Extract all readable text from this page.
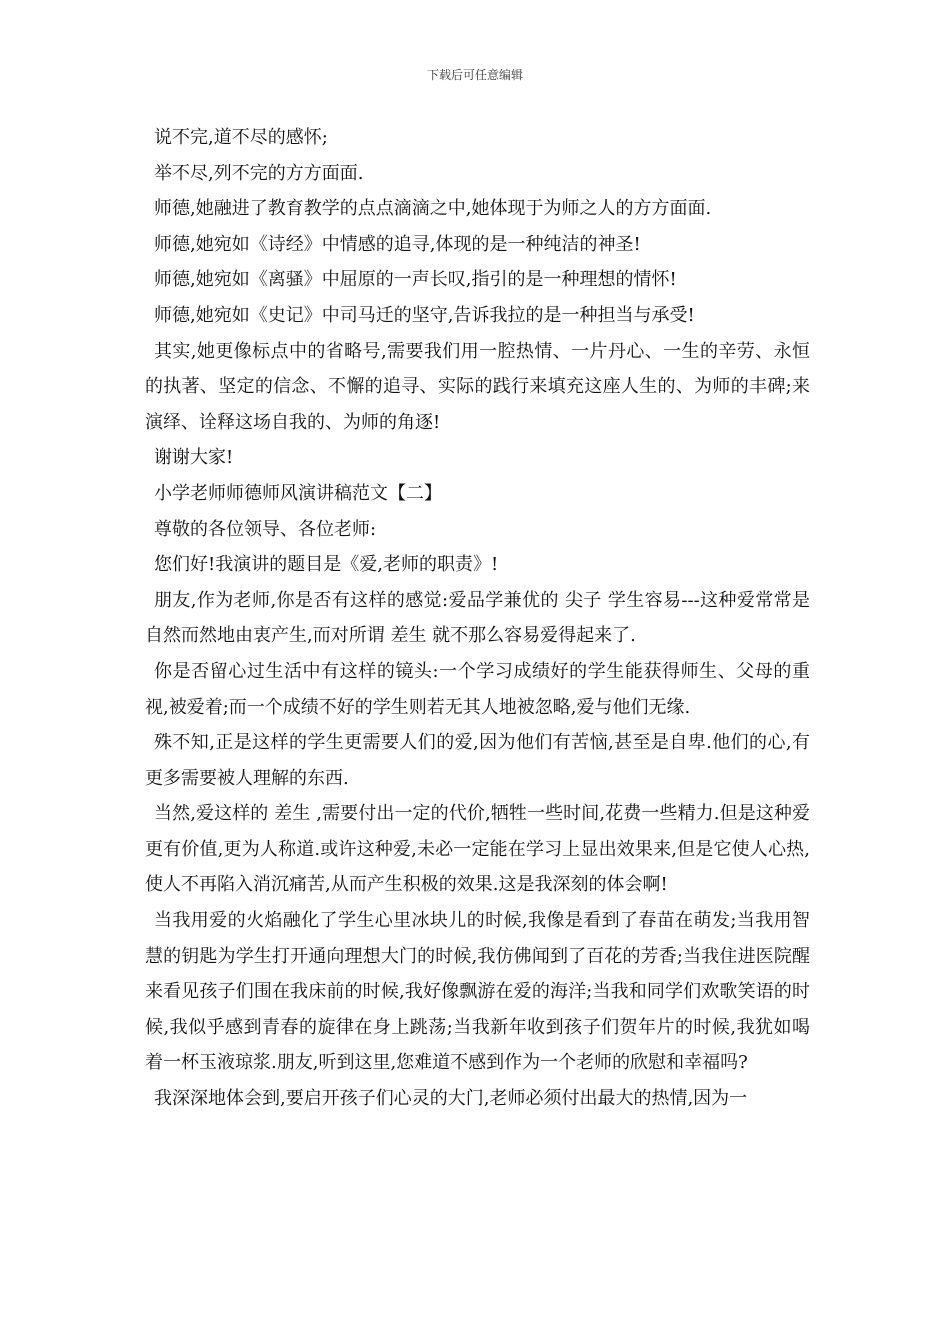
下载后可任意编辑

说不完,道不尽的感怀;

举不尽,列不完的方方面面.

师德,她融进了教育教学的点点滴滴之中,她体现于为师之人的方方面面.

师德,她宛如《诗经》中情感的追寻,体现的是一种纯洁的神圣!

师德,她宛如《离骚》中屈原的一声长叹,指引的是一种理想的情怀!

师德,她宛如《史记》中司马迁的坚守,告诉我拉的是一种担当与承受!

其实,她更像标点中的省略号,需要我们用一腔热情、一片丹心、一生的辛劳、永恒的执著、坚定的信念、不懈的追寻、实际的践行来填充这座人生的、为师的丰碑;来演绎、诠释这场自我的、为师的角逐!

谢谢大家!

小学老师师德师风演讲稿范文【二】

尊敬的各位领导、各位老师:

您们好!我演讲的题目是《爱,老师的职责》!

朋友,作为老师,你是否有这样的感觉:爱品学兼优的 尖子 学生容易---这种爱常常是自然而然地由衷产生,而对所谓 差生 就不那么容易爱得起来了.

你是否留心过生活中有这样的镜头:一个学习成绩好的学生能获得师生、父母的重视,被爱着;而一个成绩不好的学生则若无其人地被忽略,爱与他们无缘.

殊不知,正是这样的学生更需要人们的爱,因为他们有苦恼,甚至是自卑.他们的心,有更多需要被人理解的东西.

当然,爱这样的 差生 ,需要付出一定的代价,牺牲一些时间,花费一些精力.但是这种爱更有价值,更为人称道.或许这种爱,未必一定能在学习上显出效果来,但是它使人心热,使人不再陷入消沉痛苦,从而产生积极的效果.这是我深刻的体会啊!

当我用爱的火焰融化了学生心里冰块儿的时候,我像是看到了春苗在萌发;当我用智慧的钥匙为学生打开通向理想大门的时候,我仿佛闻到了百花的芳香;当我住进医院醒来看见孩子们围在我床前的时候,我好像飘游在爱的海洋;当我和同学们欢歌笑语的时候,我似乎感到青春的旋律在身上跳荡;当我新年收到孩子们贺年片的时候,我犹如喝着一杯玉液琼浆.朋友,听到这里,您难道不感到作为一个老师的欣慰和幸福吗?

我深深地体会到,要启开孩子们心灵的大门,老师必须付出最大的热情,因为一
